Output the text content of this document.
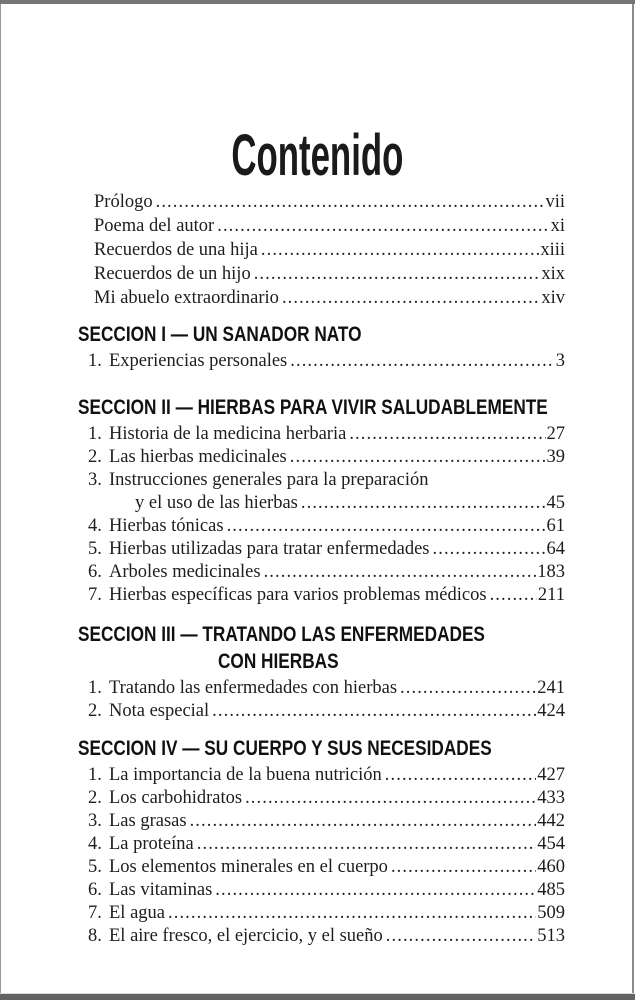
Contenido
Prólogo .....	vii
Poema del autor .....	xi
Recuerdos de una hija .....	xiii
Recuerdos de un hijo .....	xix
Mi abuelo extraordinario .....	xiv
SECCION I — UN SANADOR NATO
1. Experiencias personales .....	3
SECCION II — HIERBAS PARA VIVIR SALUDABLEMENTE
1. Historia de la medicina herbaria .....	27
2. Las hierbas medicinales .....	39
3. Instrucciones generales para la preparación
y el uso de las hierbas .....	45
4. Hierbas tónicas .....	61
5. Hierbas utilizadas para tratar enfermedades .....	64
6. Arboles medicinales .....	183
7. Hierbas específicas para varios problemas médicos .....	211
SECCION III — TRATANDO LAS ENFERMEDADES
CON HIERBAS
1. Tratando las enfermedades con hierbas .....	241
2. Nota especial .....	424
SECCION IV — SU CUERPO Y SUS NECESIDADES
1. La importancia de la buena nutrición .....	427
2. Los carbohidratos .....	433
3. Las grasas .....	442
4. La proteína .....	454
5. Los elementos minerales en el cuerpo .....	460
6. Las vitaminas .....	485
7. El agua .....	509
8. El aire fresco, el ejercicio, y el sueño .....	513
